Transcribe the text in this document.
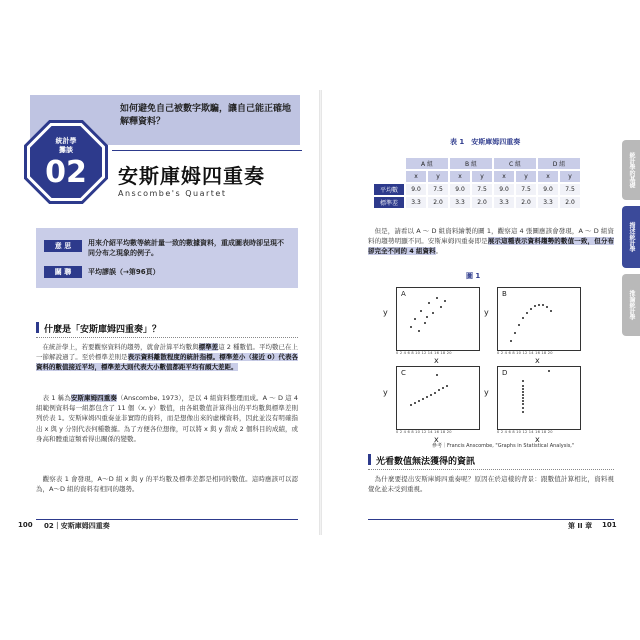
如何避免自己被數字欺騙，讓自己能正確地解釋資料？
統計學
攤談
02	安斯庫姆四重奏
Anscombe's Quartet
意 思	用來介紹平均數等統計量一致的數據資料，重成圖表時卻呈現不同分布之現象的例子。
關 聯	平均謬誤（→第96頁）
什麼是「安斯庫姆四重奏」？
　在統計學上，若要觀察資料的趨勢，就會計算平均數與標準差這 2 種數值。平均數已在上一節解說過了。至於標準差則是表示資料離散程度的統計指標。標準差小（接近 0）代表各資料的數值接近平均，標準差大則代表大小數值都距平均有頗大差距。
　表 1 稱為安斯庫姆四重奏（Anscombe, 1973），是以 4 組資料整理而成。A ～ D 這 4 組範例資料每一組都包含了 11 個（x, y）數值，由各組數值計算得出的平均數與標準差則列於表 1。安斯庫姆四重奏並非實際的資料，而是想像出來的虛構資料，因此並沒有明確指出 x 與 y 分別代表何種數據。為了方便各位想像，可以將 x 與 y 當成 2 個科目的成績，或身高和體重這類看得出關係的變數。
　觀察表 1 會發現，A～D 組 x 與 y 的平均數及標準差都是相同的數值。這時應該可以認為，A～D 組的資料有相同的趨勢。
100 02｜安斯庫姆四重奏
表 1　安斯庫姆四重奏
	A 組		B 組		C 組		D 組	
	x	y	x	y	x	y	x	y
平均數	9.0	7.5	9.0	7.5	9.0	7.5	9.0	7.5
標準差	3.3	2.0	3.3	2.0	3.3	2.0	3.3	2.0
　但是，請看以 A ～ D 組資料繪製的圖 1，觀察這 4 張圖應該會發現，A ～ D 組資料的趨勢明顯不同。安斯庫姆四重奏即是展示這種表示資料趨勢的數值一致，但分布卻完全不同的 4 組資料。
圖 1
y
A
0 2 4 6 8 10 12 14 16 18 20
x
y
B
0 2 4 6 8 10 12 14 16 18 20
x
y
C
0 2 4 6 8 10 12 14 16 18 20
x
y
D
0 2 4 6 8 10 12 14 16 18 20
x
參考｜Francis Anscombe, "Graphs in Statistical Analysis,"
光看數值無法獲得的資訊
　為什麼要提出安斯庫姆四重奏呢？原因在於這樣的背景：跟數值計算相比，資料視覺化並未受到重視。
第 II 章 101
統計學的基礎
描述統計學
推論統計學
